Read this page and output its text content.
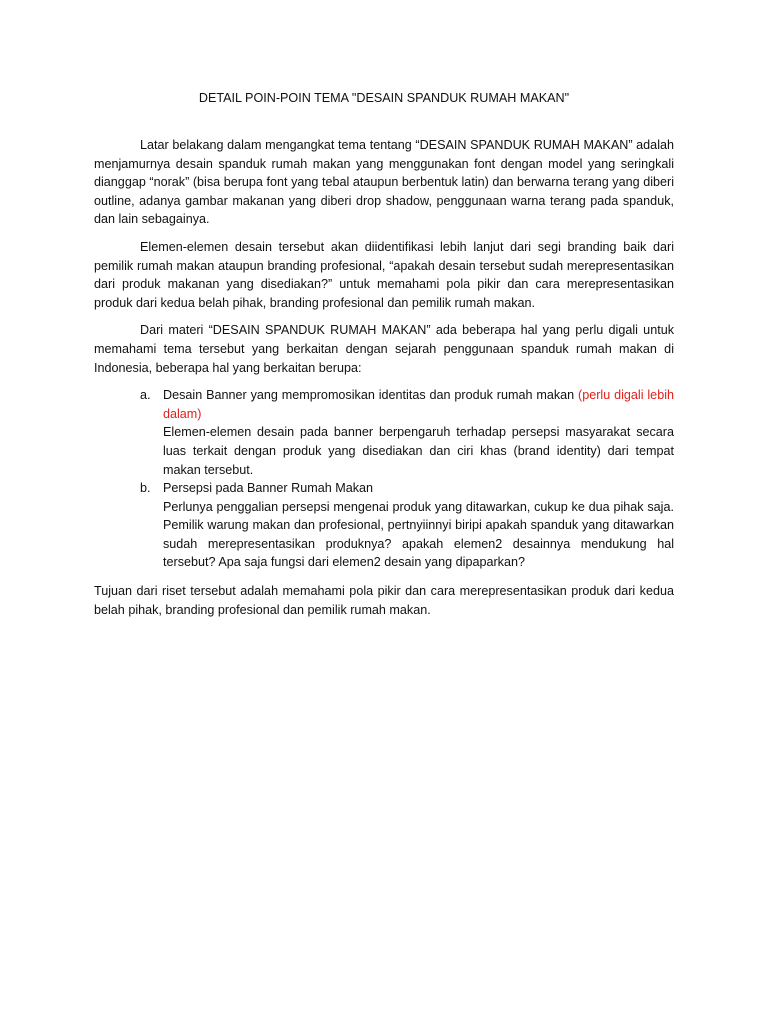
DETAIL POIN-POIN TEMA "DESAIN SPANDUK RUMAH MAKAN"

Latar belakang dalam mengangkat tema tentang “DESAIN SPANDUK RUMAH MAKAN” adalah menjamurnya desain spanduk rumah makan yang menggunakan font dengan model yang seringkali dianggap “norak” (bisa berupa font yang tebal ataupun berbentuk latin) dan berwarna terang yang diberi outline, adanya gambar makanan yang diberi drop shadow, penggunaan warna terang pada spanduk, dan lain sebagainya.

Elemen-elemen desain tersebut akan diidentifikasi lebih lanjut dari segi branding baik dari pemilik rumah makan ataupun branding profesional, “apakah desain tersebut sudah merepresentasikan dari produk makanan yang disediakan?” untuk memahami pola pikir dan cara merepresentasikan produk dari kedua belah pihak, branding profesional dan pemilik rumah makan.

Dari materi “DESAIN SPANDUK RUMAH MAKAN” ada beberapa hal yang perlu digali untuk memahami tema tersebut yang berkaitan dengan sejarah penggunaan spanduk rumah makan di Indonesia, beberapa hal yang berkaitan berupa:

a. Desain Banner yang mempromosikan identitas dan produk rumah makan (perlu digali lebih dalam)
Elemen-elemen desain pada banner berpengaruh terhadap persepsi masyarakat secara luas terkait dengan produk yang disediakan dan ciri khas (brand identity) dari tempat makan tersebut.
b. Persepsi pada Banner Rumah Makan
Perlunya penggalian persepsi mengenai produk yang ditawarkan, cukup ke dua pihak saja. Pemilik warung makan dan profesional, pertnyiinnyi biripi apakah spanduk yang ditawarkan sudah merepresentasikan produknya? apakah elemen2 desainnya mendukung hal tersebut? Apa saja fungsi dari elemen2 desain yang dipaparkan?

Tujuan dari riset tersebut adalah memahami pola pikir dan cara merepresentasikan produk dari kedua belah pihak, branding profesional dan pemilik rumah makan.
